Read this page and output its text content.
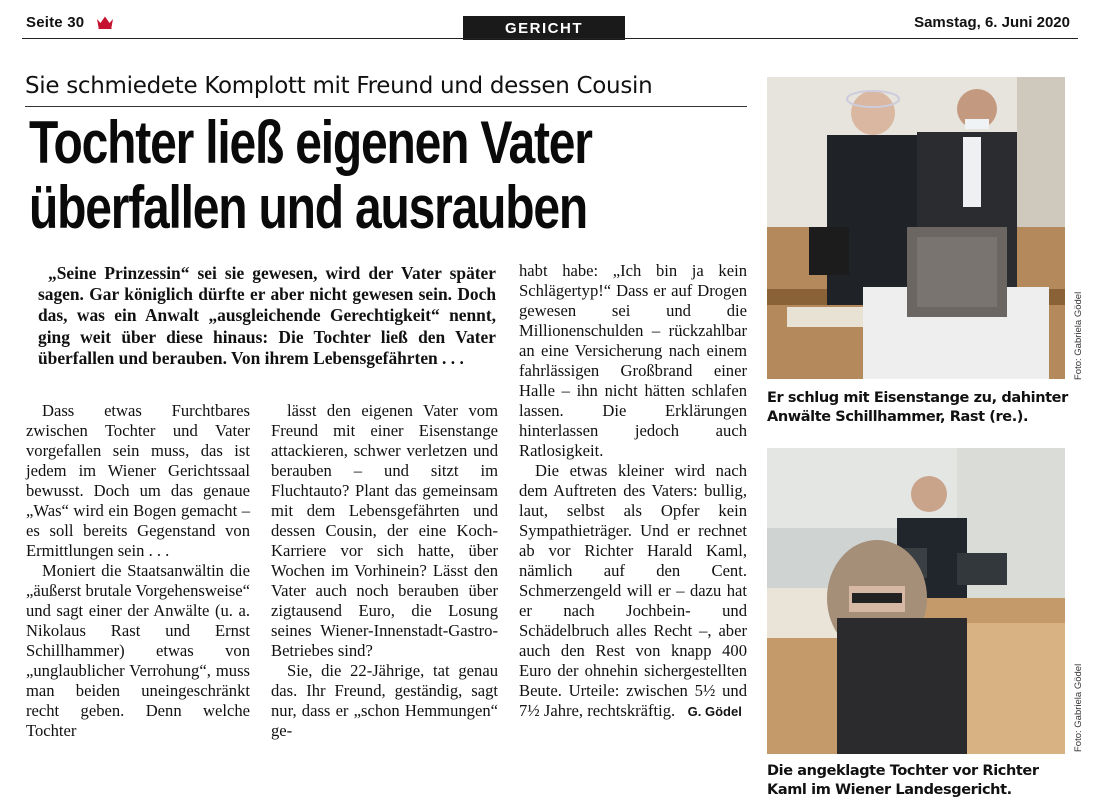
Seite 30	GERICHT	Samstag, 6. Juni 2020
Sie schmiedete Komplott mit Freund und dessen Cousin
Tochter ließ eigenen Vater
überfallen und ausrauben
„Seine Prinzessin“ sei sie gewesen, wird der Vater später sagen. Gar königlich dürfte er aber nicht gewesen sein. Doch das, was ein Anwalt „ausgleichende Gerechtigkeit“ nennt, ging weit über diese hinaus: Die Tochter ließ den Vater überfallen und berauben. Von ihrem Lebensgefährten . . .

Dass etwas Furchtbares zwischen Tochter und Vater vorgefallen sein muss, das ist jedem im Wiener Gerichtssaal bewusst. Doch um das genaue „Was“ wird ein Bogen gemacht – es soll bereits Gegenstand von Ermittlungen sein . . .

Moniert die Staatsanwältin die „äußerst brutale Vorgehensweise“ und sagt einer der Anwälte (u. a. Nikolaus Rast und Ernst Schillhammer) etwas von „unglaublicher Verrohung“, muss man beiden uneingeschränkt recht geben. Denn welche Tochter

lässt den eigenen Vater vom Freund mit einer Eisenstange attackieren, schwer verletzen und berauben – und sitzt im Fluchtauto? Plant das gemeinsam mit dem Lebensgefährten und dessen Cousin, der eine Koch-Karriere vor sich hatte, über Wochen im Vorhinein? Lässt den Vater auch noch berauben über zigtausend Euro, die Losung seines Wiener-Innenstadt-Gastro-Betriebes sind?

Sie, die 22-Jährige, tat genau das. Ihr Freund, geständig, sagt nur, dass er „schon Hemmungen“ ge-

habt habe: „Ich bin ja kein Schlägertyp!“ Dass er auf Drogen gewesen sei und die Millionenschulden – rückzahlbar an eine Versicherung nach einem fahrlässigen Großbrand einer Halle – ihn nicht hätten schlafen lassen. Die Erklärungen hinterlassen jedoch auch Ratlosigkeit.

Die etwas kleiner wird nach dem Auftreten des Vaters: bullig, laut, selbst als Opfer kein Sympathieträger. Und er rechnet ab vor Richter Harald Kaml, nämlich auf den Cent. Schmerzengeld will er – dazu hat er nach Jochbein- und Schädelbruch alles Recht –, aber auch den Rest von knapp 400 Euro der ohnehin sichergestellten Beute. Urteile: zwischen 5½ und 7½ Jahre, rechtskräftig. G. Gödel

Foto: Gabriela Gödel
Er schlug mit Eisenstange zu, dahinter Anwälte Schillhammer, Rast (re.).
Foto: Gabriela Gödel
Die angeklagte Tochter vor Richter Kaml im Wiener Landesgericht.
